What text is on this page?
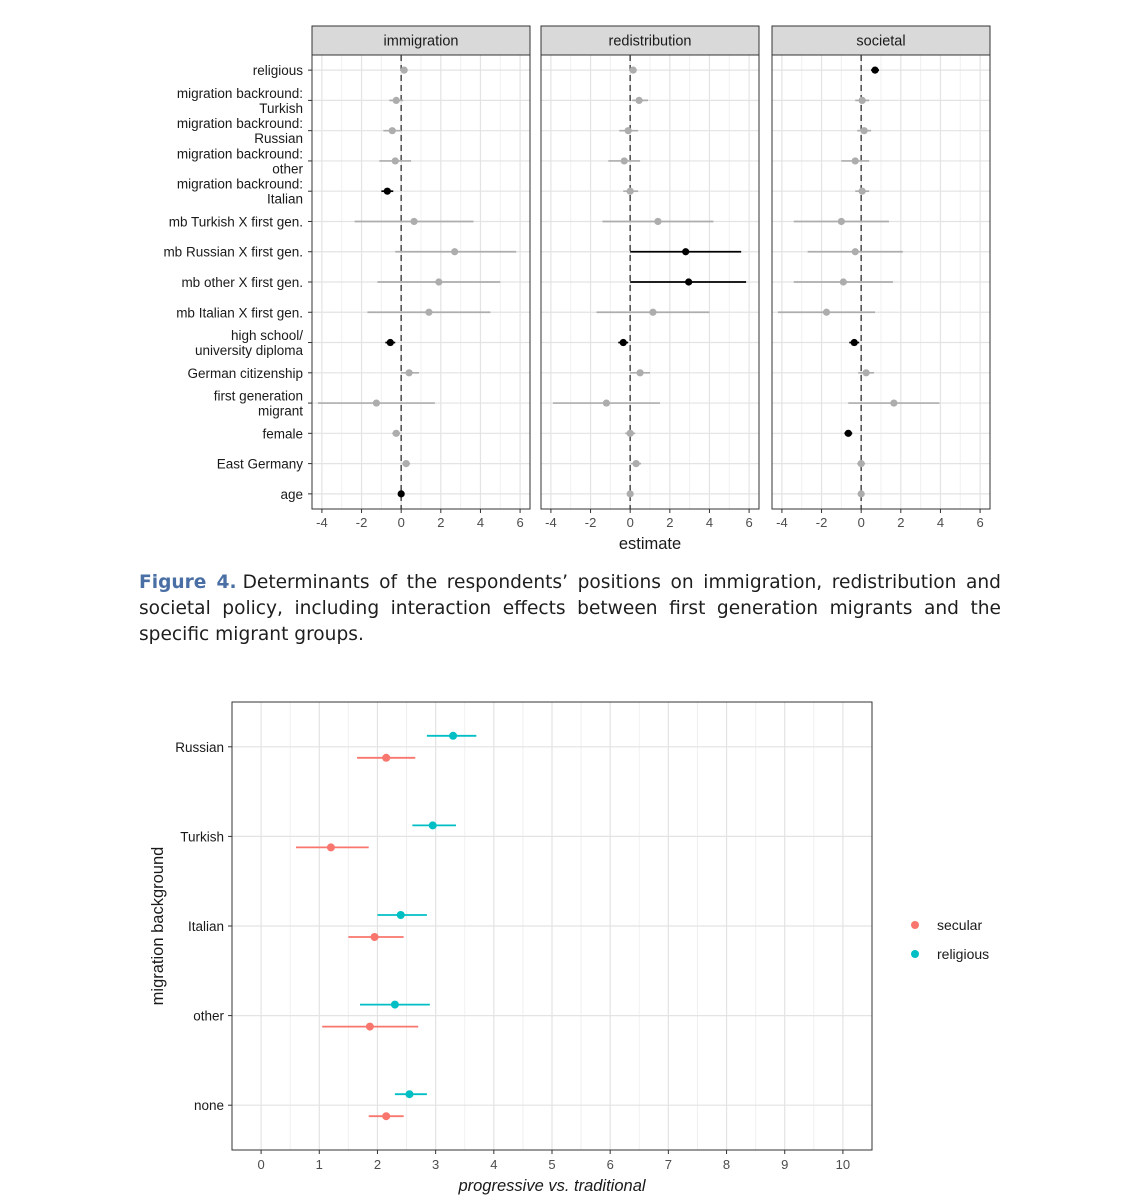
immigration
-4 -2 0 2 4 6
redistribution
-4 -2 0 2 4 6
societal
-4 -2 0 2 4 6
religious
migration backround: Turkish
migration backround: Russian
migration backround: other
migration backround: Italian
mb Turkish X first gen.
mb Russian X first gen.
mb other X first gen.
mb Italian X first gen.
high school/ university diploma
German citizenship
first generation migrant
female
East Germany
age
estimate

Figure 4. Determinants of the respondents’ positions on immigration, redistribution and societal policy, including interaction effects between first generation migrants and the specific migrant groups.

Russian
Turkish
Italian
other
none
0	1	2	3	4	5	6	7	8	9	10
progressive vs. traditional
migration background	secular
religious
